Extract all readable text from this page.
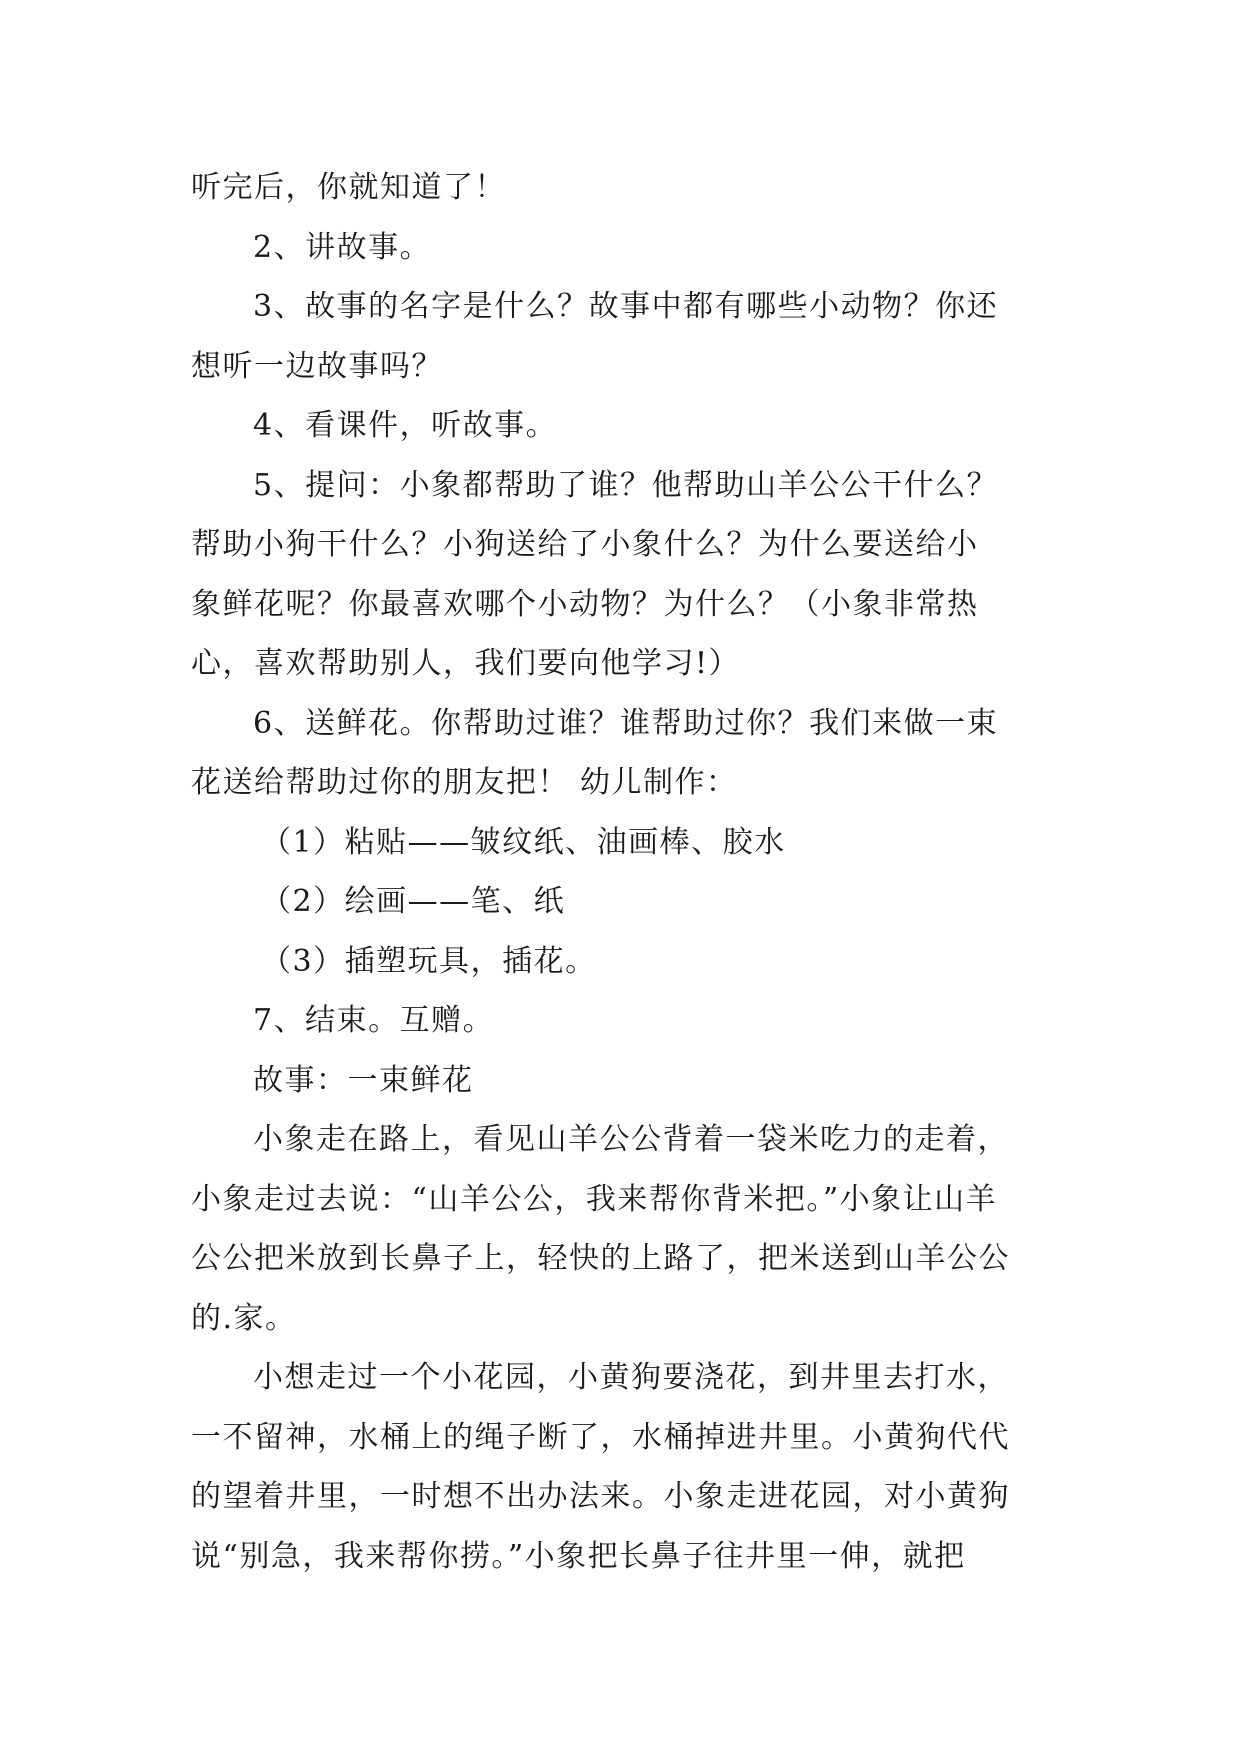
听完后，你就知道了！

2、讲故事。

3、故事的名字是什么？故事中都有哪些小动物？你还

想听一边故事吗？

4、看课件，听故事。

5、提问：小象都帮助了谁？他帮助山羊公公干什么？

帮助小狗干什么？小狗送给了小象什么？为什么要送给小

象鲜花呢？你最喜欢哪个小动物？为什么？（小象非常热

心，喜欢帮助别人，我们要向他学习!）

6、送鲜花。你帮助过谁？谁帮助过你？我们来做一束

花送给帮助过你的朋友把！ 幼儿制作：

（1）粘贴——皱纹纸、油画棒、胶水

（2）绘画——笔、纸

（3）插塑玩具，插花。

7、结束。互赠。

故事：一束鲜花

小象走在路上，看见山羊公公背着一袋米吃力的走着，

小象走过去说：“山羊公公，我来帮你背米把。”小象让山羊

公公把米放到长鼻子上，轻快的上路了，把米送到山羊公公

的.家。

小想走过一个小花园，小黄狗要浇花，到井里去打水，

一不留神，水桶上的绳子断了，水桶掉进井里。小黄狗代代

的望着井里，一时想不出办法来。小象走进花园，对小黄狗

说“别急，我来帮你捞。”小象把长鼻子往井里一伸，就把
